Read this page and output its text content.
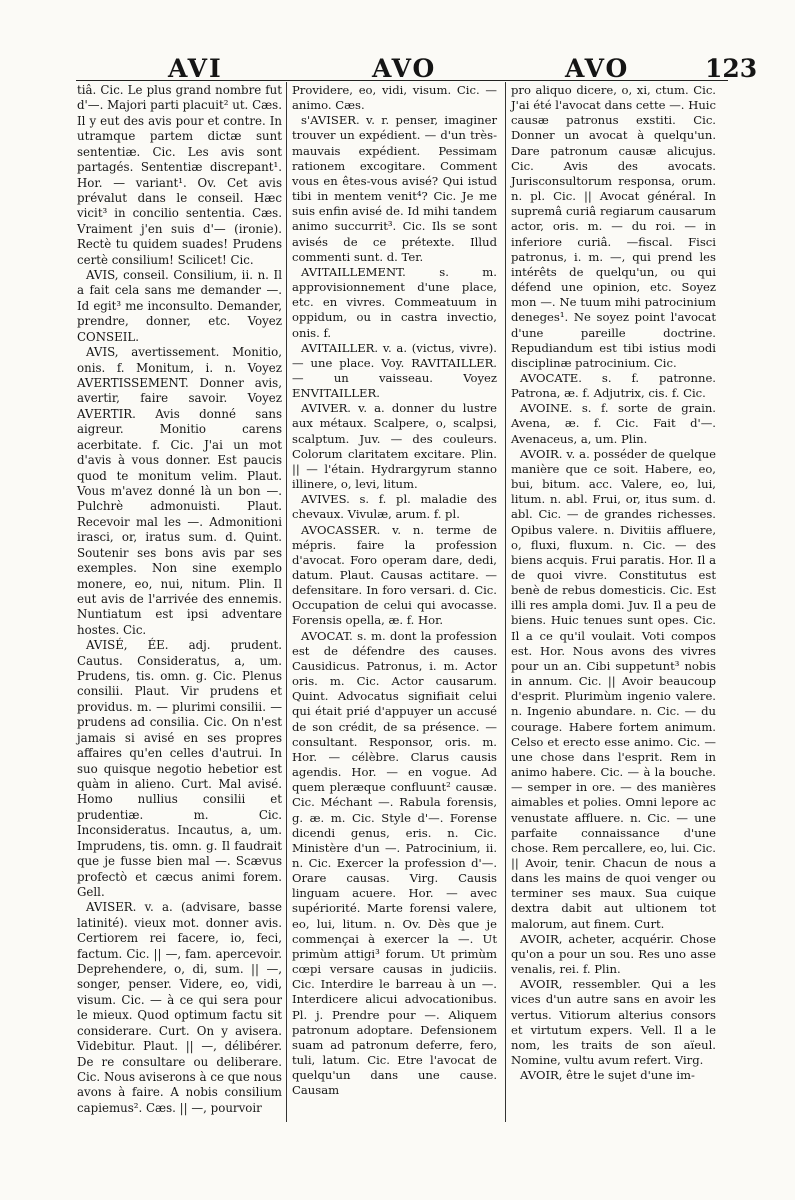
AVI	AVO	AVO	123

tiâ. Cic. Le plus grand nombre fut d'—. Majori parti placuit² ut. Cæs. Il y eut des avis pour et contre. In utramque partem dictæ sunt sententiæ. Cic. Les avis sont partagés. Sententiæ discrepant¹. Hor. — variant¹. Ov. Cet avis prévalut dans le conseil. Hæc vicit³ in concilio sententia. Cæs. Vraiment j'en suis d'— (ironie). Rectè tu quidem suades! Prudens certè consilium! Scilicet! Cic.

AVIS, conseil. Consilium, ii. n. Il a fait cela sans me demander —. Id egit³ me inconsulto. Demander, prendre, donner, etc. Voyez CONSEIL.

AVIS, avertissement. Monitio, onis. f. Monitum, i. n. Voyez AVERTISSEMENT. Donner avis, avertir, faire savoir. Voyez AVERTIR. Avis donné sans aigreur. Monitio carens acerbitate. f. Cic. J'ai un mot d'avis à vous donner. Est paucis quod te monitum velim. Plaut. Vous m'avez donné là un bon —. Pulchrè admonuisti. Plaut. Recevoir mal les —. Admonitioni irasci, or, iratus sum. d. Quint. Soutenir ses bons avis par ses exemples. Non sine exemplo monere, eo, nui, nitum. Plin. Il eut avis de l'arrivée des ennemis. Nuntiatum est ipsi adventare hostes. Cic.

AVISÉ, ÉE. adj. prudent. Cautus. Consideratus, a, um. Prudens, tis. omn. g. Cic. Plenus consilii. Plaut. Vir prudens et providus. m. — plurimi consilii. — prudens ad consilia. Cic. On n'est jamais si avisé en ses propres affaires qu'en celles d'autrui. In suo quisque negotio hebetior est quàm in alieno. Curt. Mal avisé. Homo nullius consilii et prudentiæ. m. Cic. Inconsideratus. Incautus, a, um. Imprudens, tis. omn. g. Il faudrait que je fusse bien mal —. Scævus profectò et cæcus animi forem. Gell.

AVISER. v. a. (advisare, basse latinité). vieux mot. donner avis. Certiorem rei facere, io, feci, factum. Cic. || —, fam. apercevoir. Deprehendere, o, di, sum. || —, songer, penser. Videre, eo, vidi, visum. Cic. — à ce qui sera pour le mieux. Quod optimum factu sit considerare. Curt. On y avisera. Videbitur. Plaut. || —, délibérer. De re consultare ou deliberare. Cic. Nous aviserons à ce que nous avons à faire. A nobis consilium capiemus². Cæs. || —, pourvoir

Providere, eo, vidi, visum. Cic. — animo. Cæs.

s'AVISER. v. r. penser, imaginer trouver un expédient. — d'un très-mauvais expédient. Pessimam rationem excogitare. Comment vous en êtes-vous avisé? Qui istud tibi in mentem venit⁴? Cic. Je me suis enfin avisé de. Id mihi tandem animo succurrit³. Cic. Ils se sont avisés de ce prétexte. Illud commenti sunt. d. Ter.

AVITAILLEMENT. s. m. approvisionnement d'une place, etc. en vivres. Commeatuum in oppidum, ou in castra invectio, onis. f.

AVITAILLER. v. a. (victus, vivre). — une place. Voy. RAVITAILLER. — un vaisseau. Voyez ENVITAILLER.

AVIVER. v. a. donner du lustre aux métaux. Scalpere, o, scalpsi, scalptum. Juv. — des couleurs. Colorum claritatem excitare. Plin. || — l'étain. Hydrargyrum stanno illinere, o, levi, litum.

AVIVES. s. f. pl. maladie des chevaux. Vivulæ, arum. f. pl.

AVOCASSER. v. n. terme de mépris. faire la profession d'avocat. Foro operam dare, dedi, datum. Plaut. Causas actitare. — defensitare. In foro versari. d. Cic. Occupation de celui qui avocasse. Forensis opella, æ. f. Hor.

AVOCAT. s. m. dont la profession est de défendre des causes. Causidicus. Patronus, i. m. Actor oris. m. Cic. Actor causarum. Quint. Advocatus signifiait celui qui était prié d'appuyer un accusé de son crédit, de sa présence. — consultant. Responsor, oris. m. Hor. — célèbre. Clarus causis agendis. Hor. — en vogue. Ad quem pleræque confluunt² causæ. Cic. Méchant —. Rabula forensis, g. æ. m. Cic. Style d'—. Forense dicendi genus, eris. n. Cic. Ministère d'un —. Patrocinium, ii. n. Cic. Exercer la profession d'—. Orare causas. Virg. Causis linguam acuere. Hor. — avec supériorité. Marte forensi valere, eo, lui, litum. n. Ov. Dès que je commençai à exercer la —. Ut primùm attigi³ forum. Ut primùm cœpi versare causas in judiciis. Cic. Interdire le barreau à un —. Interdicere alicui advocationibus. Pl. j. Prendre pour —. Aliquem patronum adoptare. Defensionem suam ad patronum deferre, fero, tuli, latum. Cic. Etre l'avocat de quelqu'un dans une cause. Causam

pro aliquo dicere, o, xi, ctum. Cic. J'ai été l'avocat dans cette —. Huic causæ patronus exstiti. Cic. Donner un avocat à quelqu'un. Dare patronum causæ alicujus. Cic. Avis des avocats. Jurisconsultorum responsa, orum. n. pl. Cic. || Avocat général. In supremâ curiâ regiarum causarum actor, oris. m. — du roi. — in inferiore curiâ. —fiscal. Fisci patronus, i. m. —, qui prend les intérêts de quelqu'un, ou qui défend une opinion, etc. Soyez mon —. Ne tuum mihi patrocinium deneges¹. Ne soyez point l'avocat d'une pareille doctrine. Repudiandum est tibi istius modi disciplinæ patrocinium. Cic.

AVOCATE. s. f. patronne. Patrona, æ. f. Adjutrix, cis. f. Cic.

AVOINE. s. f. sorte de grain. Avena, æ. f. Cic. Fait d'—. Avenaceus, a, um. Plin.

AVOIR. v. a. posséder de quelque manière que ce soit. Habere, eo, bui, bitum. acc. Valere, eo, lui, litum. n. abl. Frui, or, itus sum. d. abl. Cic. — de grandes richesses. Opibus valere. n. Divitiis affluere, o, fluxi, fluxum. n. Cic. — des biens acquis. Frui paratis. Hor. Il a de quoi vivre. Constitutus est benè de rebus domesticis. Cic. Est illi res ampla domi. Juv. Il a peu de biens. Huic tenues sunt opes. Cic. Il a ce qu'il voulait. Voti compos est. Hor. Nous avons des vivres pour un an. Cibi suppetunt³ nobis in annum. Cic. || Avoir beaucoup d'esprit. Plurimùm ingenio valere. n. Ingenio abundare. n. Cic. — du courage. Habere fortem animum. Celso et erecto esse animo. Cic. — une chose dans l'esprit. Rem in animo habere. Cic. — à la bouche. — semper in ore. — des manières aimables et polies. Omni lepore ac venustate affluere. n. Cic. — une parfaite connaissance d'une chose. Rem percallere, eo, lui. Cic. || Avoir, tenir. Chacun de nous a dans les mains de quoi venger ou terminer ses maux. Sua cuique dextra dabit aut ultionem tot malorum, aut finem. Curt.

AVOIR, acheter, acquérir. Chose qu'on a pour un sou. Res uno asse venalis, rei. f. Plin.

AVOIR, ressembler. Qui a les vices d'un autre sans en avoir les vertus. Vitiorum alterius consors et virtutum expers. Vell. Il a le nom, les traits de son aïeul. Nomine, vultu avum refert. Virg.

AVOIR, être le sujet d'une im-
